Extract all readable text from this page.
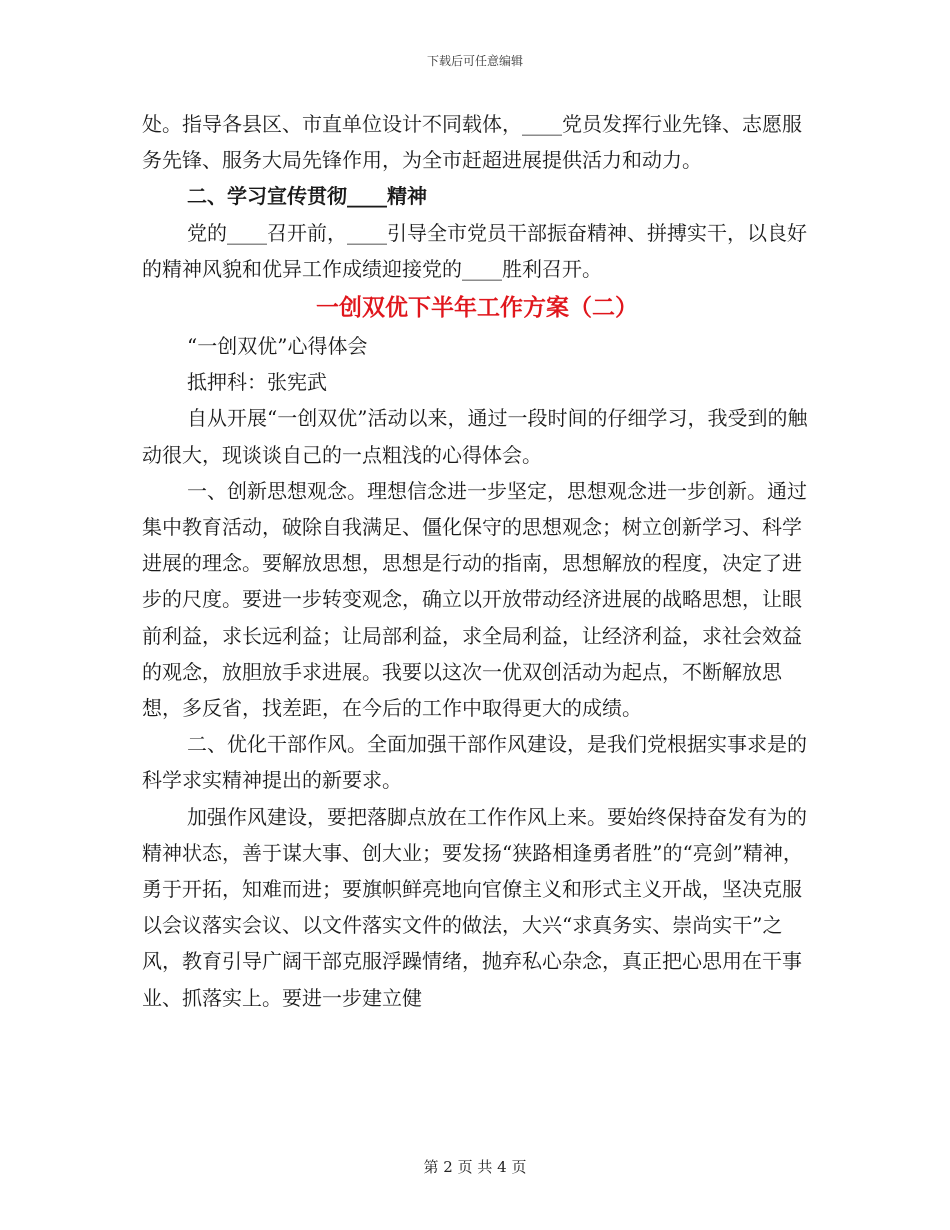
下载后可任意编辑

处。指导各县区、市直单位设计不同载体，____党员发挥行业先锋、志愿服务先锋、服务大局先锋作用，为全市赶超进展提供活力和动力。

二、学习宣传贯彻____精神

党的____召开前，____引导全市党员干部振奋精神、拼搏实干，以良好的精神风貌和优异工作成绩迎接党的____胜利召开。

一创双优下半年工作方案（二）

“一创双优”心得体会

抵押科：张宪武

自从开展“一创双优”活动以来，通过一段时间的仔细学习，我受到的触动很大，现谈谈自己的一点粗浅的心得体会。

一、创新思想观念。理想信念进一步坚定，思想观念进一步创新。通过集中教育活动，破除自我满足、僵化保守的思想观念；树立创新学习、科学进展的理念。要解放思想，思想是行动的指南，思想解放的程度，决定了进步的尺度。要进一步转变观念，确立以开放带动经济进展的战略思想，让眼前利益，求长远利益；让局部利益，求全局利益，让经济利益，求社会效益的观念，放胆放手求进展。我要以这次一优双创活动为起点，不断解放思想，多反省，找差距，在今后的工作中取得更大的成绩。

二、优化干部作风。全面加强干部作风建设，是我们党根据实事求是的科学求实精神提出的新要求。

加强作风建设，要把落脚点放在工作作风上来。要始终保持奋发有为的精神状态，善于谋大事、创大业；要发扬“狭路相逢勇者胜”的“亮剑”精神，勇于开拓，知难而进；要旗帜鲜亮地向官僚主义和形式主义开战，坚决克服以会议落实会议、以文件落实文件的做法，大兴“求真务实、崇尚实干”之风，教育引导广阔干部克服浮躁情绪，抛弃私心杂念，真正把心思用在干事业、抓落实上。要进一步建立健

第 2 页 共 4 页
